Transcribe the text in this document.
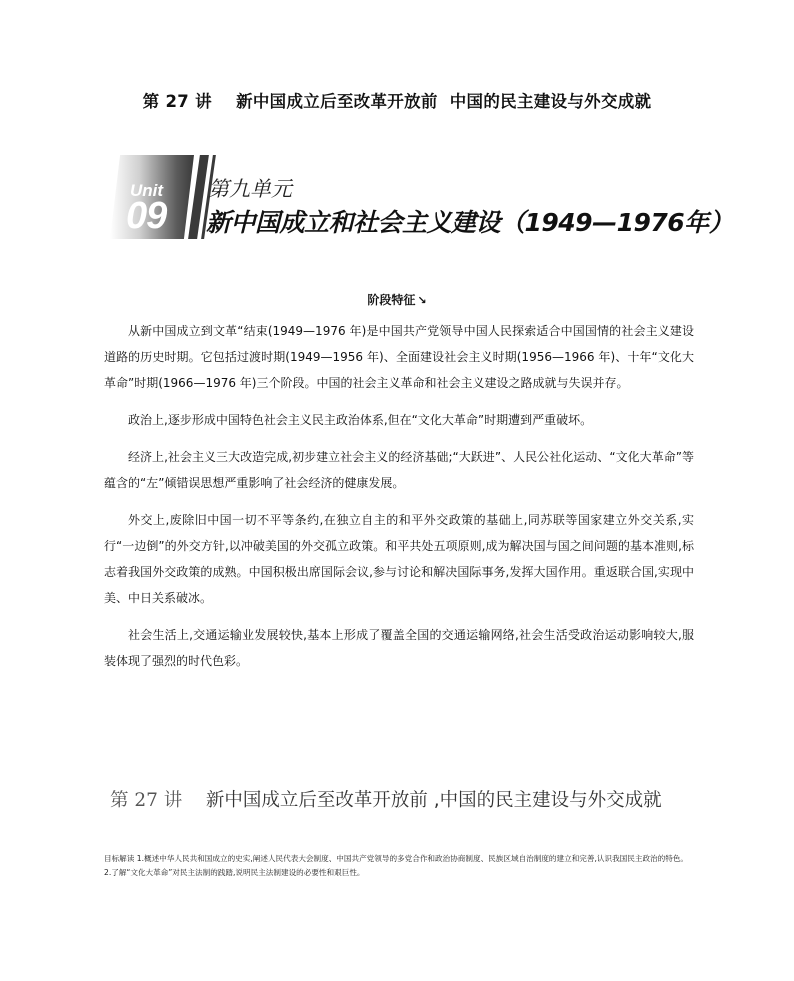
第 27 讲    新中国成立后至改革开放前  中国的民主建设与外交成就
Unit
09
第九单元
新中国成立和社会主义建设（1949—1976年）
阶段特征 ↘

从新中国成立到文革“结束(1949—1976 年)是中国共产党领导中国人民探索适合中国国情的社会主义建设道路的历史时期。它包括过渡时期(1949—1956 年)、全面建设社会主义时期(1956—1966 年)、十年“文化大革命”时期(1966—1976 年)三个阶段。中国的社会主义革命和社会主义建设之路成就与失误并存。

政治上,逐步形成中国特色社会主义民主政治体系,但在“文化大革命”时期遭到严重破坏。

经济上,社会主义三大改造完成,初步建立社会主义的经济基础;“大跃进”、人民公社化运动、“文化大革命”等蕴含的“左”倾错误思想严重影响了社会经济的健康发展。

外交上,废除旧中国一切不平等条约,在独立自主的和平外交政策的基础上,同苏联等国家建立外交关系,实行“一边倒”的外交方针,以冲破美国的外交孤立政策。和平共处五项原则,成为解决国与国之间问题的基本准则,标志着我国外交政策的成熟。中国积极出席国际会议,参与讨论和解决国际事务,发挥大国作用。重返联合国,实现中美、中日关系破冰。

社会生活上,交通运输业发展较快,基本上形成了覆盖全国的交通运输网络,社会生活受政治运动影响较大,服装体现了强烈的时代色彩。

第 27 讲 新中国成立后至改革开放前 ,中国的民主建设与外交成就
目标解读 1.概述中华人民共和国成立的史实,阐述人民代表大会制度、中国共产党领导的多党合作和政治协商制度、民族区域自治制度的建立和完善,认识我国民主政治的特色。
2.了解“文化大革命”对民主法制的践踏,说明民主法制建设的必要性和艰巨性。
